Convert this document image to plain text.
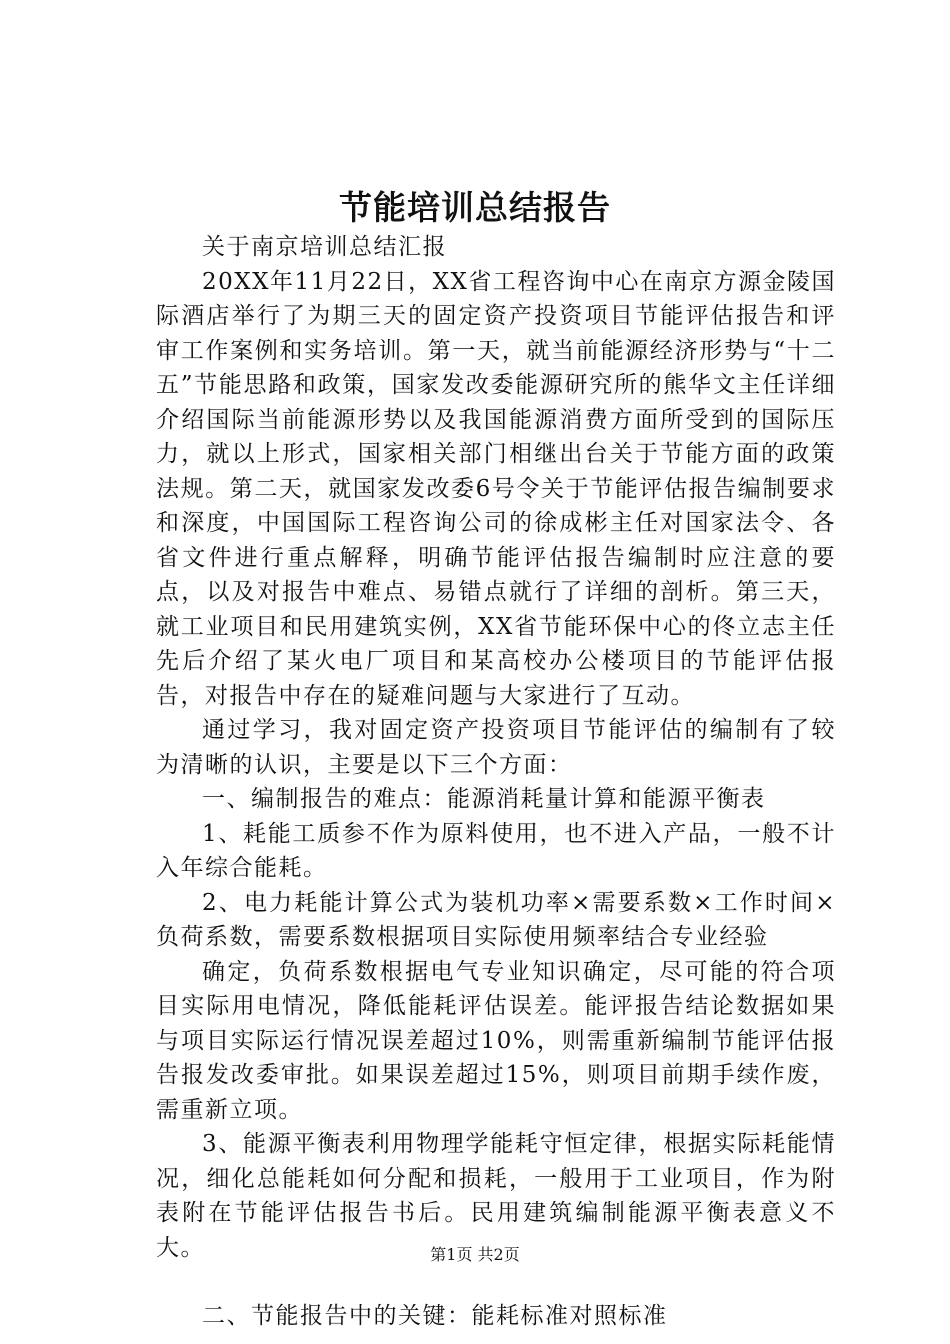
节能培训总结报告

关于南京培训总结汇报

20XX年11月22日，XX省工程咨询中心在南京方源金陵国际酒店举行了为期三天的固定资产投资项目节能评估报告和评审工作案例和实务培训。第一天，就当前能源经济形势与“十二五”节能思路和政策，国家发改委能源研究所的熊华文主任详细介绍国际当前能源形势以及我国能源消费方面所受到的国际压力，就以上形式，国家相关部门相继出台关于节能方面的政策法规。第二天，就国家发改委6号令关于节能评估报告编制要求和深度，中国国际工程咨询公司的徐成彬主任对国家法令、各省文件进行重点解释，明确节能评估报告编制时应注意的要点，以及对报告中难点、易错点就行了详细的剖析。第三天，就工业项目和民用建筑实例，XX省节能环保中心的佟立志主任先后介绍了某火电厂项目和某高校办公楼项目的节能评估报告，对报告中存在的疑难问题与大家进行了互动。

通过学习，我对固定资产投资项目节能评估的编制有了较为清晰的认识，主要是以下三个方面：

一、编制报告的难点：能源消耗量计算和能源平衡表

1、耗能工质参不作为原料使用，也不进入产品，一般不计入年综合能耗。

2、电力耗能计算公式为装机功率×需要系数×工作时间×负荷系数，需要系数根据项目实际使用频率结合专业经验

确定，负荷系数根据电气专业知识确定，尽可能的符合项目实际用电情况，降低能耗评估误差。能评报告结论数据如果与项目实际运行情况误差超过10%，则需重新编制节能评估报告报发改委审批。如果误差超过15%，则项目前期手续作废，需重新立项。

3、能源平衡表利用物理学能耗守恒定律，根据实际耗能情况，细化总能耗如何分配和损耗，一般用于工业项目，作为附表附在节能评估报告书后。民用建筑编制能源平衡表意义不大。

二、节能报告中的关键：能耗标准对照标准

第1页 共2页
